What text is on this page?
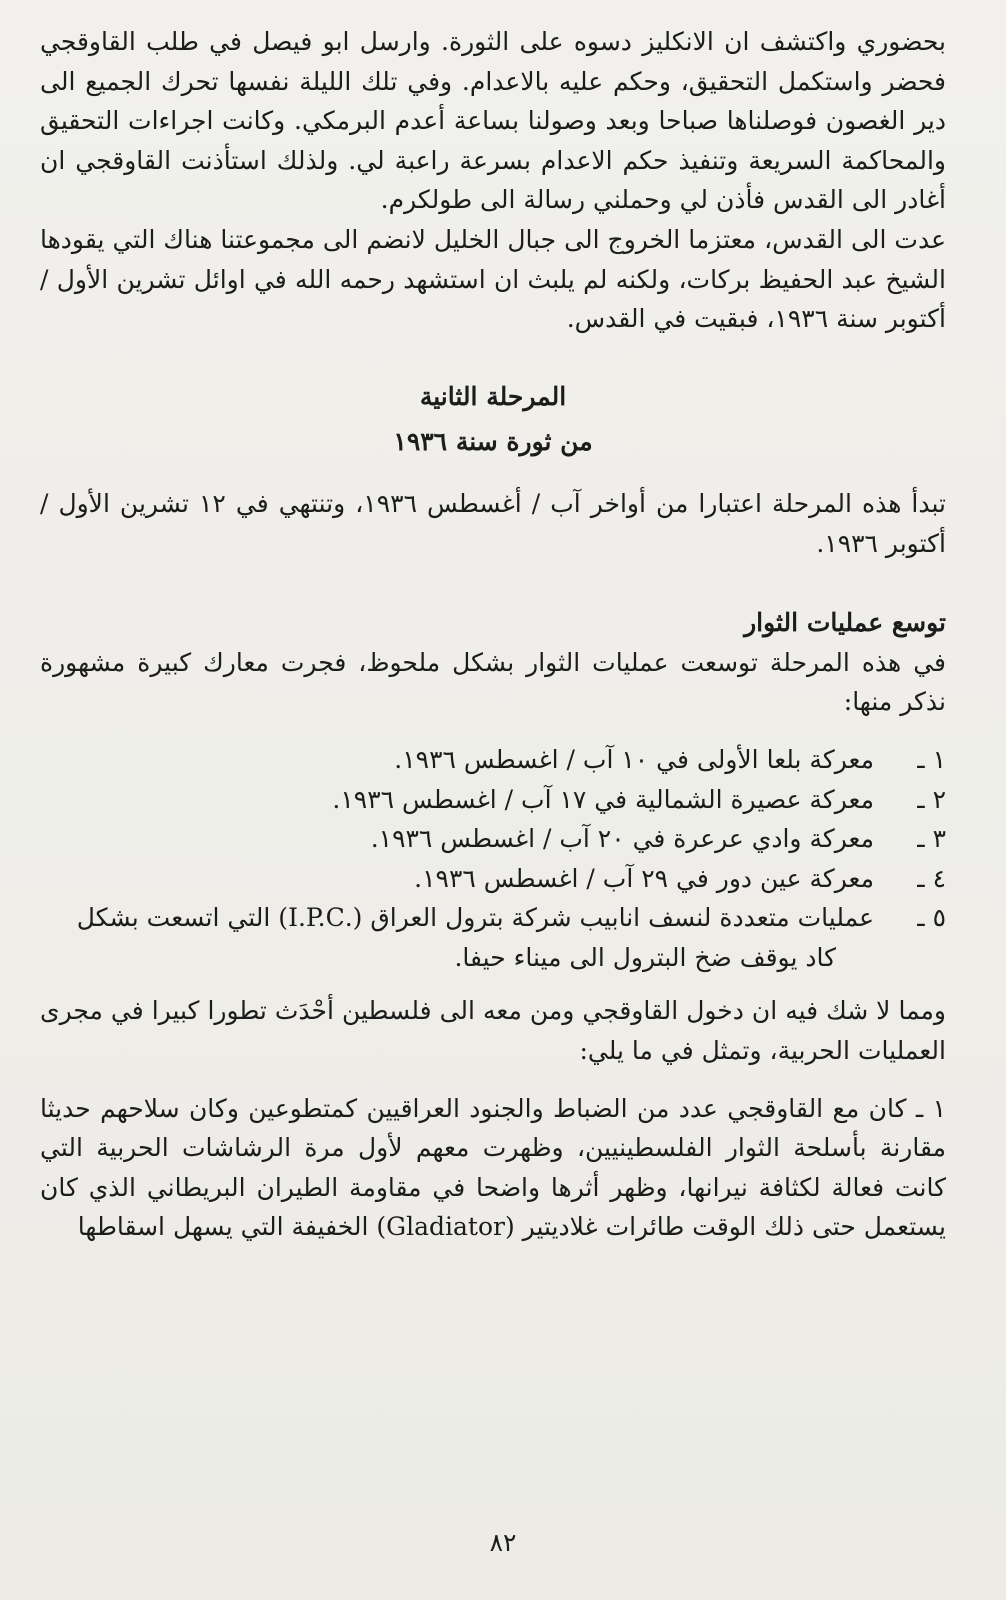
بحضوري واكتشف ان الانكليز دسوه على الثورة. وارسل ابو فيصل في طلب القاوقجي فحضر واستكمل التحقيق، وحكم عليه بالاعدام. وفي تلك الليلة نفسها تحرك الجميع الى دير الغصون فوصلناها صباحا وبعد وصولنا بساعة أعدم البرمكي. وكانت اجراءات التحقيق والمحاكمة السريعة وتنفيذ حكم الاعدام بسرعة راعبة لي. ولذلك استأذنت القاوقجي ان أغادر الى القدس فأذن لي وحملني رسالة الى طولكرم.

عدت الى القدس، معتزما الخروج الى جبال الخليل لانضم الى مجموعتنا هناك التي يقودها الشيخ عبد الحفيظ بركات، ولكنه لم يلبث ان استشهد رحمه الله في اوائل تشرين الأول / أكتوبر سنة ١٩٣٦، فبقيت في القدس.

المرحلة الثانية

من ثورة سنة ١٩٣٦

تبدأ هذه المرحلة اعتبارا من أواخر آب / أغسطس ١٩٣٦، وتنتهي في ١٢ تشرين الأول / أكتوبر ١٩٣٦.

توسع عمليات الثوار

في هذه المرحلة توسعت عمليات الثوار بشكل ملحوظ، فجرت معارك كبيرة مشهورة نذكر منها:

١ ـ
معركة بلعا الأولى في ١٠ آب / اغسطس ١٩٣٦.
٢ ـ
معركة عصيرة الشمالية في ١٧ آب / اغسطس ١٩٣٦.
٣ ـ
معركة وادي عرعرة في ٢٠ آب / اغسطس ١٩٣٦.
٤ ـ
معركة عين دور في ٢٩ آب / اغسطس ١٩٣٦.
٥ ـ
عمليات متعددة لنسف انابيب شركة بترول العراق (.I.P.C) التي اتسعت بشكل

كاد يوقف ضخ البترول الى ميناء حيفا.

ومما لا شك فيه ان دخول القاوقجي ومن معه الى فلسطين أحْدَث تطورا كبيرا في مجرى العمليات الحربية، وتمثل في ما يلي:

١ ـ كان مع القاوقجي عدد من الضباط والجنود العراقيين كمتطوعين وكان سلاحهم حديثا مقارنة بأسلحة الثوار الفلسطينيين، وظهرت معهم لأول مرة الرشاشات الحربية التي كانت فعالة لكثافة نيرانها، وظهر أثرها واضحا في مقاومة الطيران البريطاني الذي كان يستعمل حتى ذلك الوقت طائرات غلاديتير (Gladiator) الخفيفة التي يسهل اسقاطها

٨٢
